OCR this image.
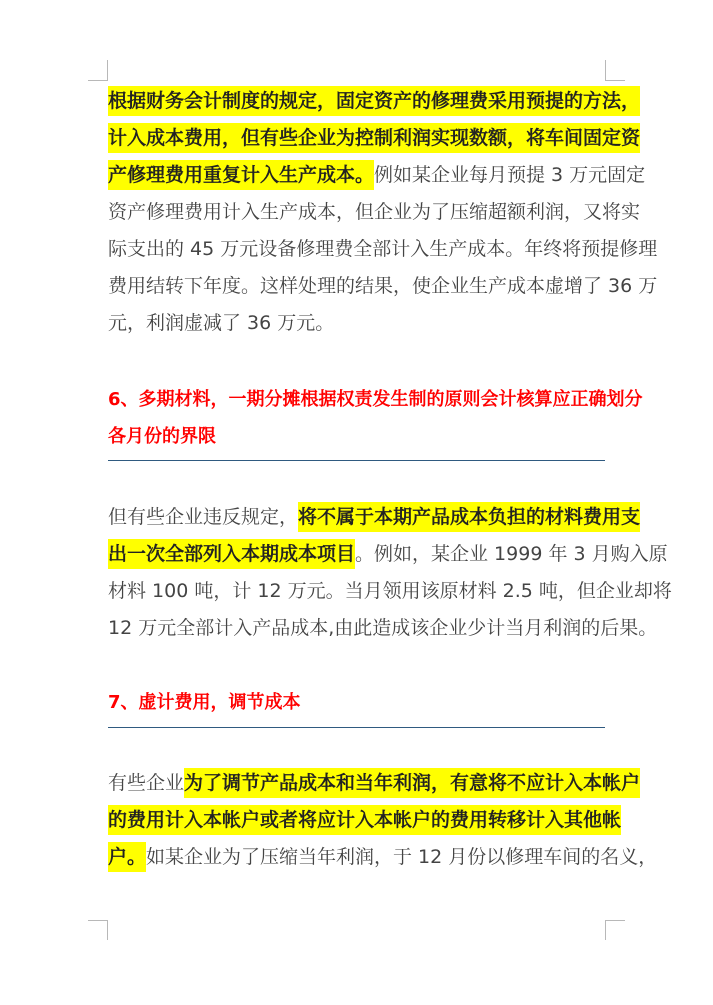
根据财务会计制度的规定，固定资产的修理费采用预提的方法，
计入成本费用，但有些企业为控制利润实现数额，将车间固定资
产修理费用重复计入生产成本。例如某企业每月预提 3 万元固定
资产修理费用计入生产成本，但企业为了压缩超额利润，又将实
际支出的 45 万元设备修理费全部计入生产成本。年终将预提修理
费用结转下年度。这样处理的结果，使企业生产成本虚增了 36 万
元，利润虚减了 36 万元。
6、多期材料，一期分摊根据权责发生制的原则会计核算应正确划分
各月份的界限
但有些企业违反规定，将不属于本期产品成本负担的材料费用支
出一次全部列入本期成本项目。例如，某企业 1999 年 3 月购入原
材料 100 吨，计 12 万元。当月领用该原材料 2.5 吨，但企业却将
12 万元全部计入产品成本,由此造成该企业少计当月利润的后果。
7、虚计费用，调节成本
有些企业为了调节产品成本和当年利润，有意将不应计入本帐户
的费用计入本帐户或者将应计入本帐户的费用转移计入其他帐
户。如某企业为了压缩当年利润，于 12 月份以修理车间的名义，
